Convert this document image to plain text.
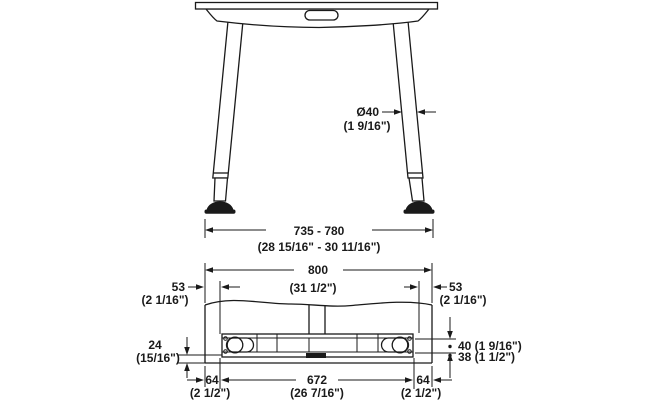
Ø40
(1 9/16")
735 - 780
(28 15/16" - 30 11/16")
800
(31 1/2")
53
(2 1/16")
53
(2 1/16")
24
(15/16")
40 (1 9/16")
38 (1 1/2")
64	672	64
(2 1/2")	(26 7/16")	(2 1/2")
